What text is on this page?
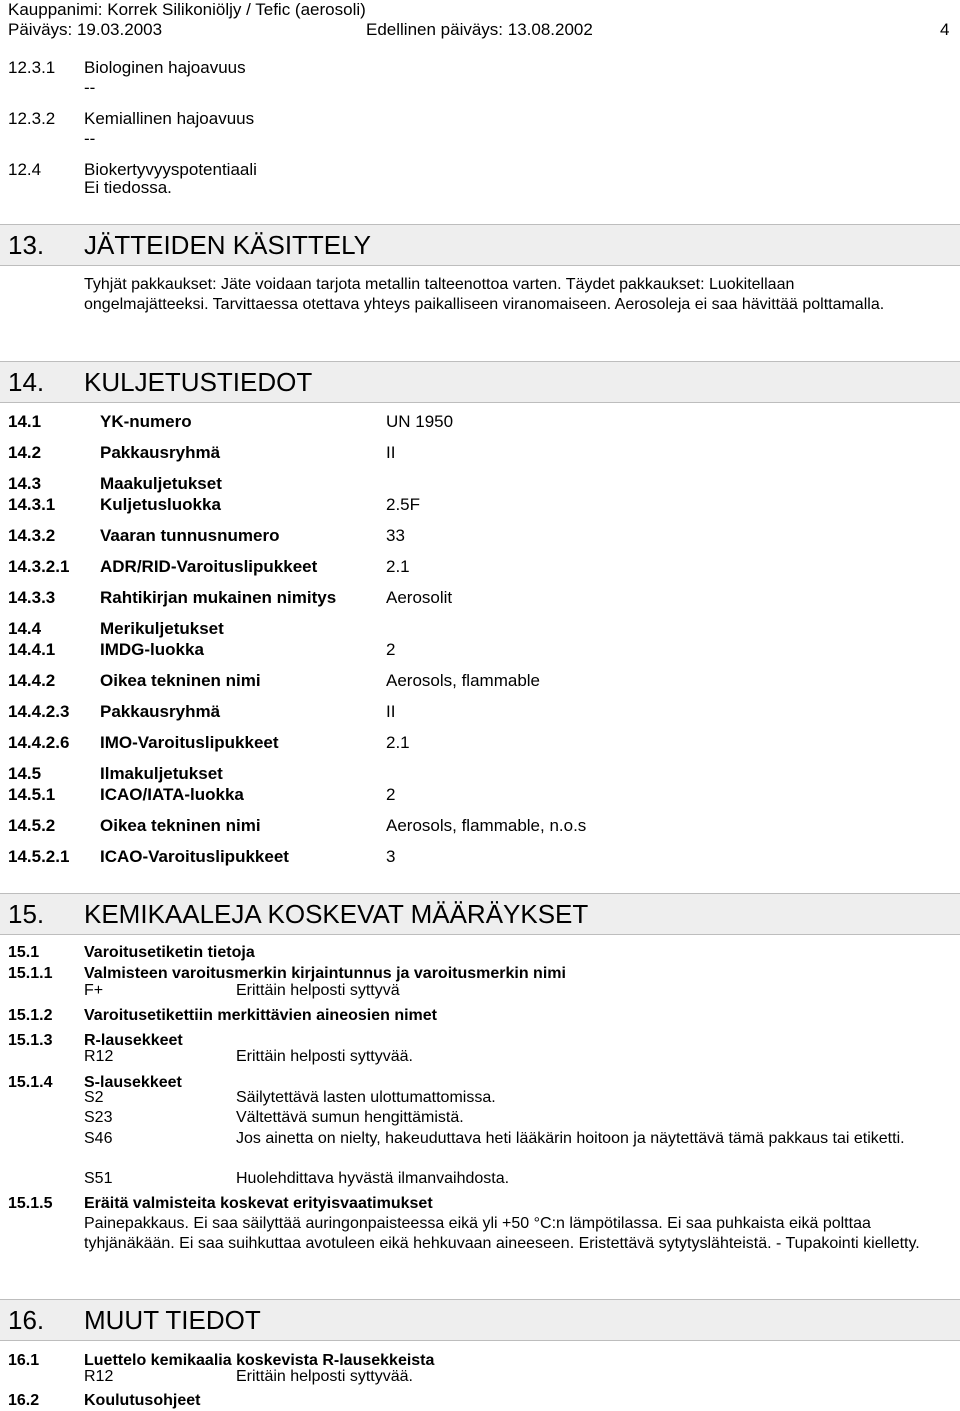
Kauppanimi: Korrek Silikoniöljy / Tefic (aerosoli)
Päiväys: 19.03.2003	Edellinen päiväys: 13.08.2002	4
12.3.1 Biologinen hajoavuus
--
12.3.2 Kemiallinen hajoavuus
--
12.4	Biokertyvyyspotentiaali
Ei tiedossa.
13. JÄTTEIDEN KÄSITTELY
Tyhjät pakkaukset: Jäte voidaan tarjota metallin talteenottoa varten. Täydet pakkaukset: Luokitellaan ongelmajätteeksi. Tarvittaessa otettava yhteys paikalliseen viranomaiseen. Aerosoleja ei saa hävittää polttamalla.
14. KULJETUSTIEDOT
14.1	YK-numero	UN 1950
14.2	Pakkausryhmä	II
14.3	Maakuljetukset
14.3.1	Kuljetusluokka	2.5F
14.3.2	Vaaran tunnusnumero	33
14.3.2.1 ADR/RID-Varoituslipukkeet	2.1
14.3.3	Rahtikirjan mukainen nimitys	Aerosolit
14.4	Merikuljetukset
14.4.1	IMDG-luokka	2
14.4.2	Oikea tekninen nimi	Aerosols, flammable
14.4.2.3 Pakkausryhmä	II
14.4.2.6 IMO-Varoituslipukkeet	2.1
14.5	Ilmakuljetukset
14.5.1	ICAO/IATA-luokka	2
14.5.2	Oikea tekninen nimi	Aerosols, flammable, n.o.s
14.5.2.1 ICAO-Varoituslipukkeet	3
15. KEMIKAALEJA KOSKEVAT MÄÄRÄYKSET
15.1	Varoitusetiketin tietoja
15.1.1 Valmisteen varoitusmerkin kirjaintunnus ja varoitusmerkin nimi
F+	Erittäin helposti syttyvä
15.1.2 Varoitusetikettiin merkittävien aineosien nimet
15.1.3 R-lausekkeet
R12	Erittäin helposti syttyvää.
15.1.4 S-lausekkeet
S2	Säilytettävä lasten ulottumattomissa.
S23	Vältettävä sumun hengittämistä.
S46	Jos ainetta on nielty, hakeuduttava heti lääkärin hoitoon ja näytettävä tämä pakkaus tai etiketti.
S51	Huolehdittava hyvästä ilmanvaihdosta.
15.1.5 Eräitä valmisteita koskevat erityisvaatimukset
Painepakkaus. Ei saa säilyttää auringonpaisteessa eikä yli +50 °C:n lämpötilassa. Ei saa puhkaista eikä polttaa tyhjänäkään. Ei saa suihkuttaa avotuleen eikä hehkuvaan aineeseen. Eristettävä sytytyslähteistä. - Tupakointi kielletty.
16. MUUT TIEDOT
16.1	Luettelo kemikaalia koskevista R-lausekkeista
R12	Erittäin helposti syttyvää.
16.2	Koulutusohjeet
